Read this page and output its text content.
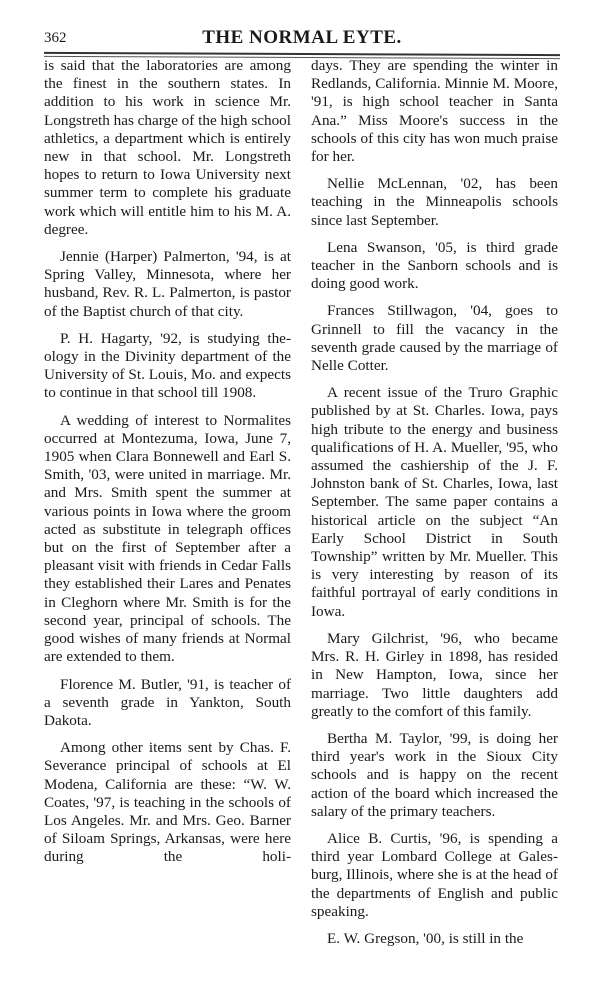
362	THE NORMAL EYTE.

is said that the laboratories are among the finest in the southern states. In addition to his work in science Mr. Longstreth has charge of the high school athletics, a department which is entirely new in that school. Mr. Longstreth hopes to return to Iowa University next summer term to complete his graduate work which will entitle him to his M. A. degree.

Jennie (Harper) Palmerton, '94, is at Spring Valley, Minnesota, where her husband, Rev. R. L. Palmerton, is pastor of the Baptist church of that city.

P. H. Hagarty, '92, is studying theology in the Divinity department of the University of St. Louis, Mo. and expects to continue in that school till 1908.

A wedding of interest to Normalites occurred at Montezuma, Iowa, June 7, 1905 when Clara Bonnewell and Earl S. Smith, '03, were united in marriage. Mr. and Mrs. Smith spent the summer at various points in Iowa where the groom acted as substitute in telegraph offices but on the first of September after a pleasant visit with friends in Cedar Falls they established their Lares and Penates in Cleghorn where Mr. Smith is for the second year, principal of schools. The good wishes of many friends at Normal are extended to them.

Florence M. Butler, '91, is teacher of a seventh grade in Yankton, South Dakota.

Among other items sent by Chas. F. Severance principal of schools at El Modena, California are these: “W. W. Coates, '97, is teaching in the schools of Los Angeles. Mr. and Mrs. Geo. Barner of Siloam Springs, Arkansas, were here during the holi-

days. They are spending the winter in Redlands, California. Minnie M. Moore, '91, is high school teacher in Santa Ana.” Miss Moore's success in the schools of this city has won much praise for her.

Nellie McLennan, '02, has been teaching in the Minneapolis schools since last September.

Lena Swanson, '05, is third grade teacher in the Sanborn schools and is doing good work.

Frances Stillwagon, '04, goes to Grinnell to fill the vacancy in the seventh grade caused by the marriage of Nelle Cotter.

A recent issue of the Truro Graphic published by at St. Charles. Iowa, pays high tribute to the energy and business qualifications of H. A. Mueller, '95, who assumed the cashiership of the J. F. Johnston bank of St. Charles, Iowa, last September. The same paper contains a historical article on the subject “An Early School District in South Township” written by Mr. Mueller. This is very interesting by reason of its faithful portrayal of early conditions in Iowa.

Mary Gilchrist, '96, who became Mrs. R. H. Girley in 1898, has resided in New Hampton, Iowa, since her marriage. Two little daughters add greatly to the comfort of this family.

Bertha M. Taylor, '99, is doing her third year's work in the Sioux City schools and is happy on the recent action of the board which increased the salary of the primary teachers.

Alice B. Curtis, '96, is spending a third year Lombard College at Galesburg, Illinois, where she is at the head of the departments of English and public speaking.

E. W. Gregson, '00, is still in the
